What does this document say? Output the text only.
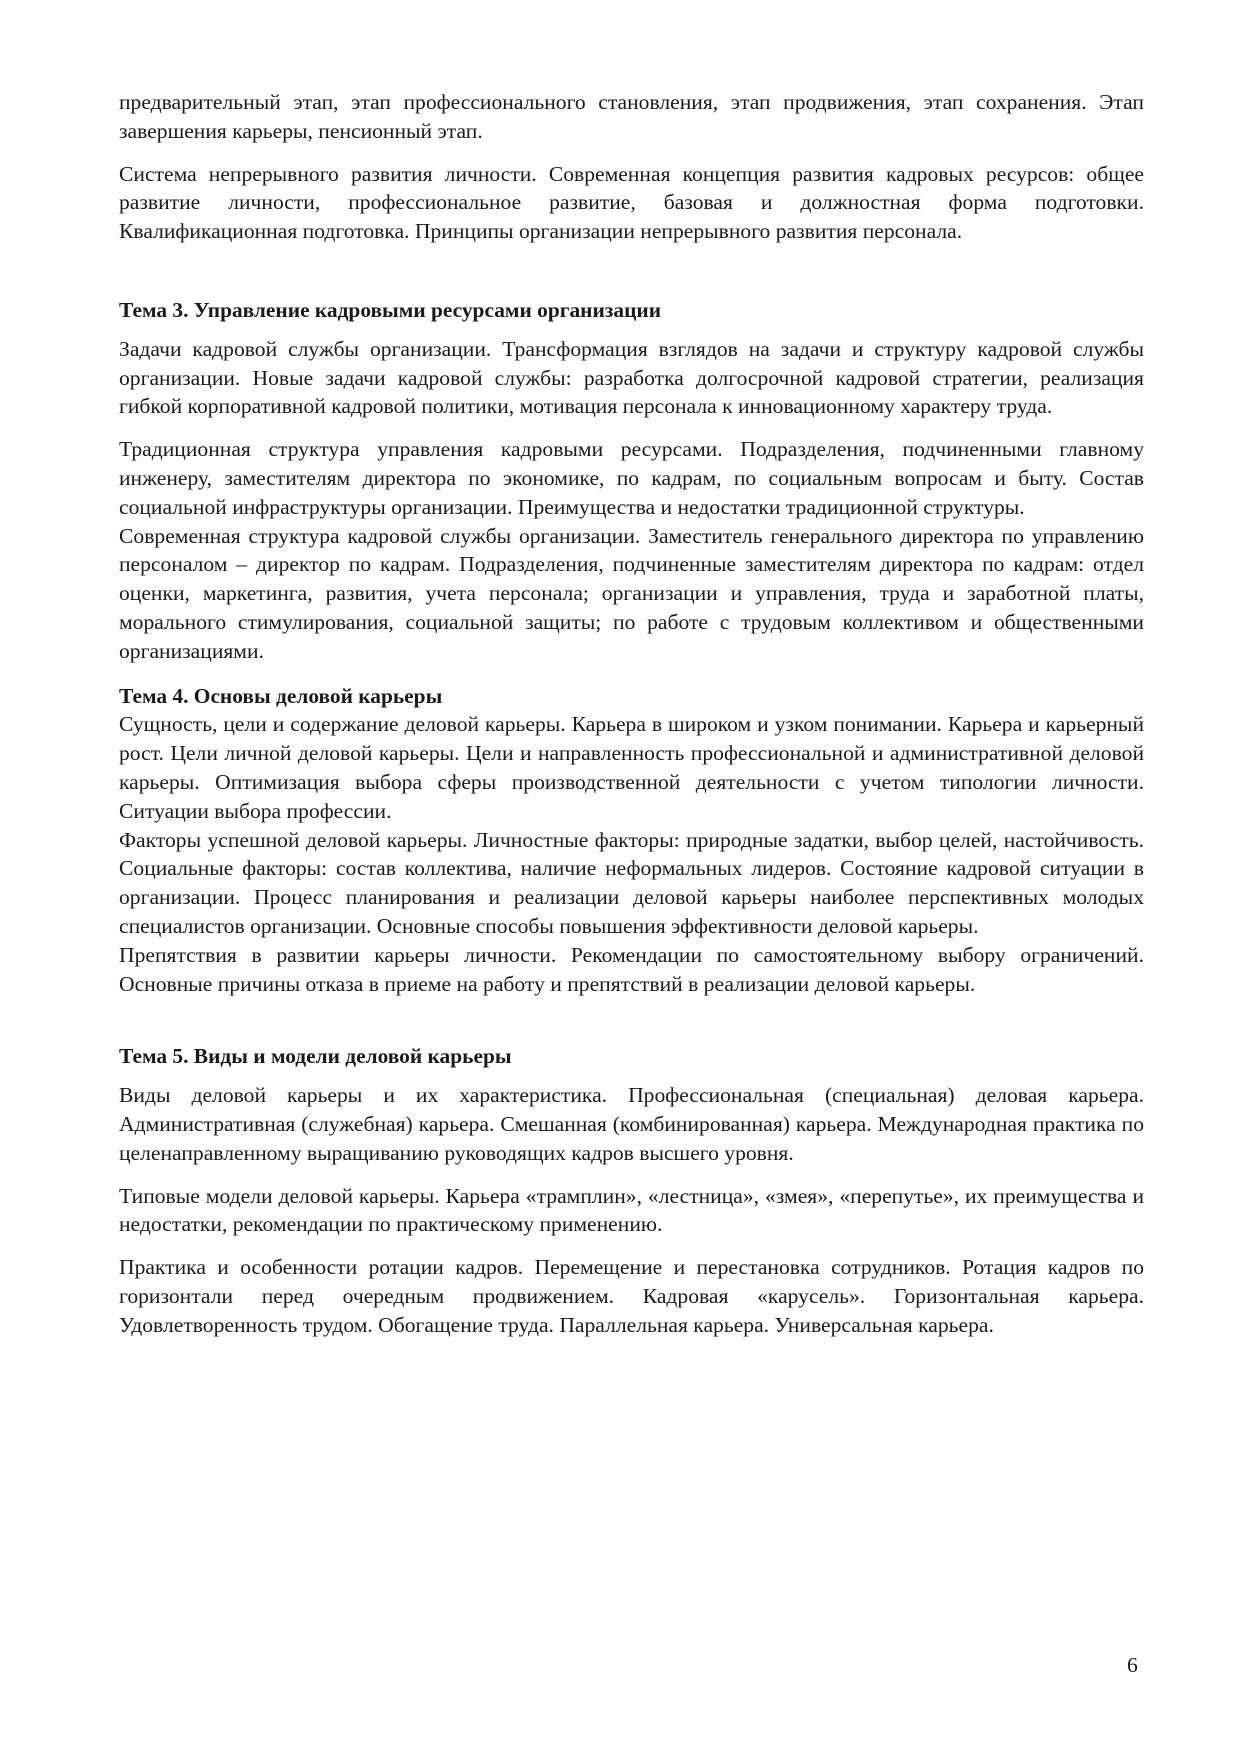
предварительный этап, этап профессионального становления, этап продвижения, этап сохранения. Этап завершения карьеры, пенсионный этап.

Система непрерывного развития личности. Современная концепция развития кадровых ресурсов: общее развитие личности, профессиональное развитие, базовая и должностная форма подготовки. Квалификационная подготовка. Принципы организации непрерывного развития персонала.

Тема 3. Управление кадровыми ресурсами организации

Задачи кадровой службы организации. Трансформация взглядов на задачи и структуру кадровой службы организации. Новые задачи кадровой службы: разработка долгосрочной кадровой стратегии, реализация гибкой корпоративной кадровой политики, мотивация персонала к инновационному характеру труда.

Традиционная структура управления кадровыми ресурсами. Подразделения, подчиненными главному инженеру, заместителям директора по экономике, по кадрам, по социальным вопросам и быту. Состав социальной инфраструктуры организации. Преимущества и недостатки традиционной структуры.

Современная структура кадровой службы организации. Заместитель генерального директора по управлению персоналом – директор по кадрам. Подразделения, подчиненные заместителям директора по кадрам: отдел оценки, маркетинга, развития, учета персонала; организации и управления, труда и заработной платы, морального стимулирования, социальной защиты; по работе с трудовым коллективом и общественными организациями.

Тема 4. Основы деловой карьеры

Сущность, цели и содержание деловой карьеры. Карьера в широком и узком понимании. Карьера и карьерный рост. Цели личной деловой карьеры. Цели и направленность профессиональной и административной деловой карьеры. Оптимизация выбора сферы производственной деятельности с учетом типологии личности. Ситуации выбора профессии.

Факторы успешной деловой карьеры. Личностные факторы: природные задатки, выбор целей, настойчивость. Социальные факторы: состав коллектива, наличие неформальных лидеров. Состояние кадровой ситуации в организации. Процесс планирования и реализации деловой карьеры наиболее перспективных молодых специалистов организации. Основные способы повышения эффективности деловой карьеры.

Препятствия в развитии карьеры личности. Рекомендации по самостоятельному выбору ограничений. Основные причины отказа в приеме на работу и препятствий в реализации деловой карьеры.

Тема 5. Виды и модели деловой карьеры

Виды деловой карьеры и их характеристика. Профессиональная (специальная) деловая карьера. Административная (служебная) карьера. Смешанная (комбинированная) карьера. Международная практика по целенаправленному выращиванию руководящих кадров высшего уровня.

Типовые модели деловой карьеры. Карьера «трамплин», «лестница», «змея», «перепутье», их преимущества и недостатки, рекомендации по практическому применению.

Практика и особенности ротации кадров. Перемещение и перестановка сотрудников. Ротация кадров по горизонтали перед очередным продвижением. Кадровая «карусель». Горизонтальная карьера. Удовлетворенность трудом. Обогащение труда. Параллельная карьера. Универсальная карьера.

6
